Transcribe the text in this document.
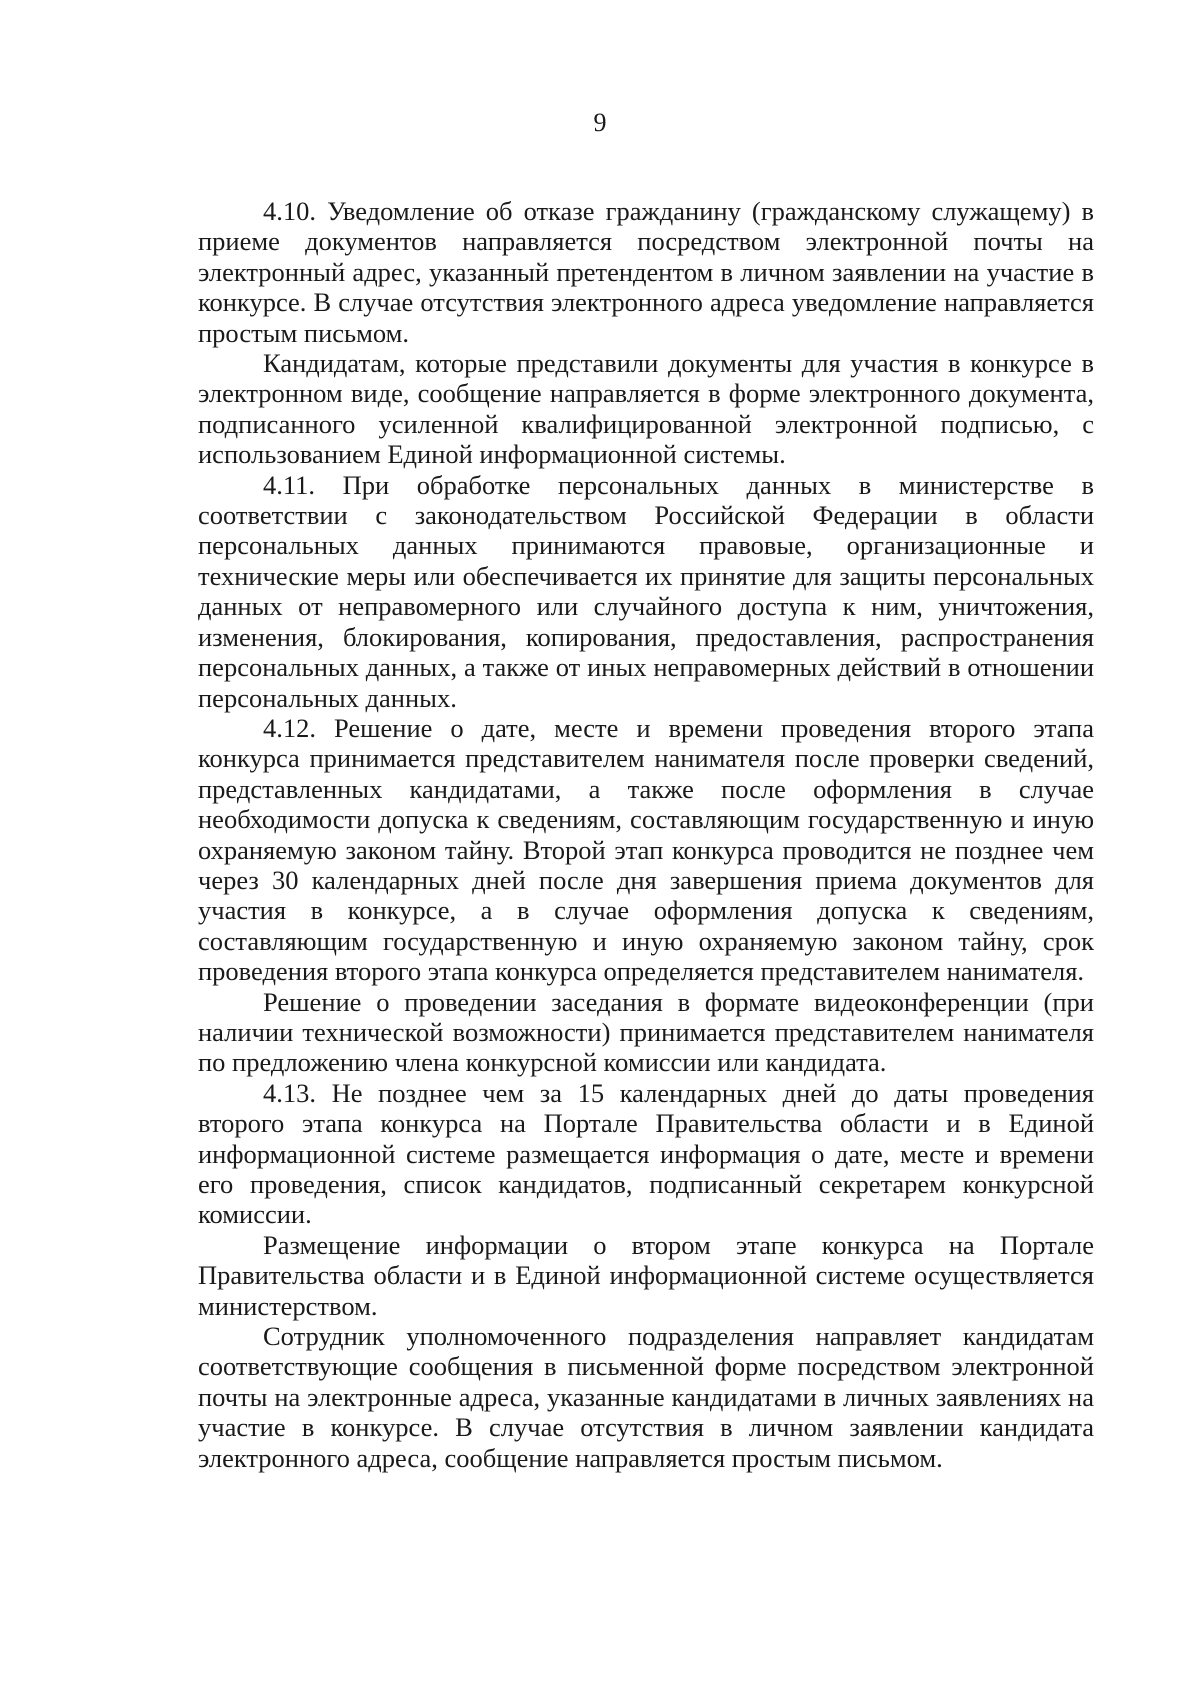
9

4.10. Уведомление об отказе гражданину (гражданскому служащему) в приеме документов направляется посредством электронной почты на электронный адрес, указанный претендентом в личном заявлении на участие в конкурсе. В случае отсутствия электронного адреса уведомление направляется простым письмом.

Кандидатам, которые представили документы для участия в конкурсе в электронном виде, сообщение направляется в форме электронного документа, подписанного усиленной квалифицированной электронной подписью, с использованием Единой информационной системы.

4.11. При обработке персональных данных в министерстве в соответствии с законодательством Российской Федерации в области персональных данных принимаются правовые, организационные и технические меры или обеспечивается их принятие для защиты персональных данных от неправомерного или случайного доступа к ним, уничтожения, изменения, блокирования, копирования, предоставления, распространения персональных данных, а также от иных неправомерных действий в отношении персональных данных.

4.12. Решение о дате, месте и времени проведения второго этапа конкурса принимается представителем нанимателя после проверки сведений, представленных кандидатами, а также после оформления в случае необходимости допуска к сведениям, составляющим государственную и иную охраняемую законом тайну. Второй этап конкурса проводится не позднее чем через 30 календарных дней после дня завершения приема документов для участия в конкурсе, а в случае оформления допуска к сведениям, составляющим государственную и иную охраняемую законом тайну, срок проведения второго этапа конкурса определяется представителем нанимателя.

Решение о проведении заседания в формате видеоконференции (при наличии технической возможности) принимается представителем нанимателя по предложению члена конкурсной комиссии или кандидата.

4.13. Не позднее чем за 15 календарных дней до даты проведения второго этапа конкурса на Портале Правительства области и в Единой информационной системе размещается информация о дате, месте и времени его проведения, список кандидатов, подписанный секретарем конкурсной комиссии.

Размещение информации о втором этапе конкурса на Портале Правительства области и в Единой информационной системе осуществляется министерством.

Сотрудник уполномоченного подразделения направляет кандидатам соответствующие сообщения в письменной форме посредством электронной почты на электронные адреса, указанные кандидатами в личных заявлениях на участие в конкурсе. В случае отсутствия в личном заявлении кандидата электронного адреса, сообщение направляется простым письмом.
